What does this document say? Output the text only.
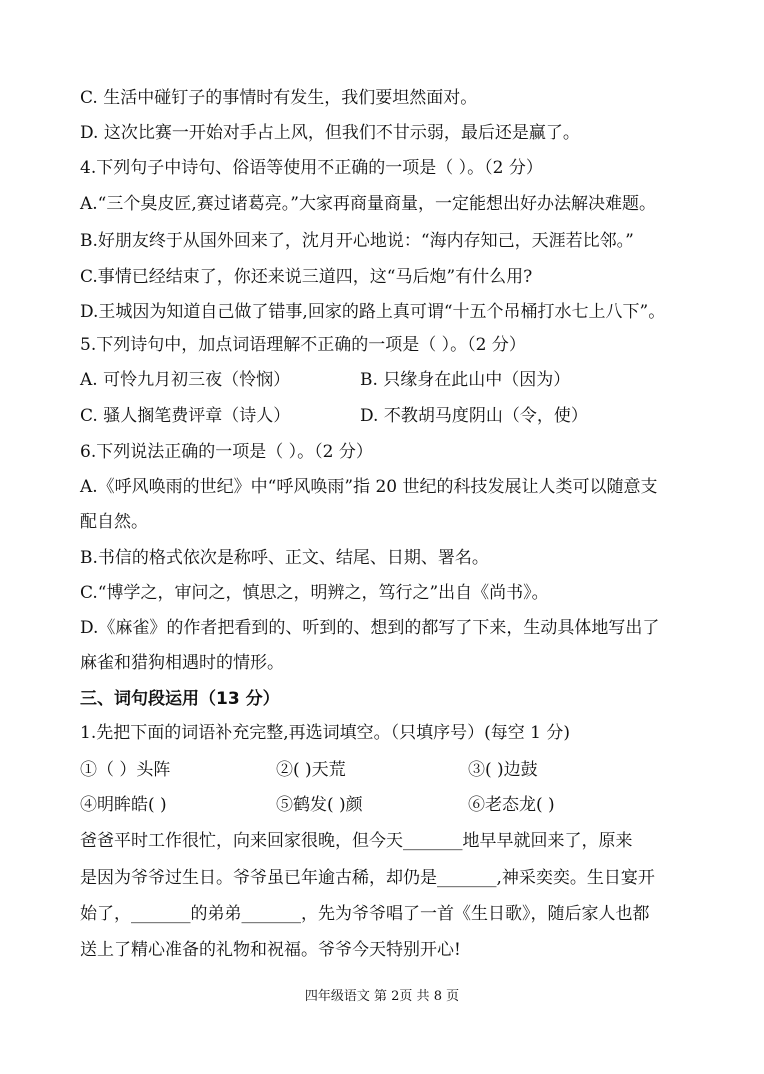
C. 生活中碰钉子的事情时有发生，我们要坦然面对。
D. 这次比赛一开始对手占上风，但我们不甘示弱，最后还是赢了。
4.下列句子中诗句、俗语等使用不正确的一项是（ ）。（2 分）
A.“三个臭皮匠,赛过诸葛亮。”大家再商量商量，一定能想出好办法解决难题。
B.好朋友终于从国外回来了，沈月开心地说：“海内存知己，天涯若比邻。”
C.事情已经结束了，你还来说三道四，这“马后炮”有什么用?
D.王城因为知道自己做了错事,回家的路上真可谓“十五个吊桶打水七上八下”。
5.下列诗句中，加点词语理解不正确的一项是（ ）。（2 分）
A. 可怜九月初三夜（怜悯）	B. 只缘身在此山中（因为）
C. 骚人搁笔费评章（诗人）	D. 不教胡马度阴山（令，使）
6.下列说法正确的一项是（ ）。（2 分）
A.《呼风唤雨的世纪》中“呼风唤雨”指 20 世纪的科技发展让人类可以随意支
配自然。
B.书信的格式依次是称呼、正文、结尾、日期、署名。
C.“博学之，审问之，慎思之，明辨之，笃行之”出自《尚书》。
D.《麻雀》的作者把看到的、听到的、想到的都写了下来，生动具体地写出了
麻雀和猎狗相遇时的情形。
三、词句段运用（13 分）
1.先把下面的词语补充完整,再选词填空。（只填序号）(每空 1 分)
①（ ）头阵	②( )天荒	③( )边鼓
④明眸皓( )	⑤鹤发( )颜	⑥老态龙( )
爸爸平时工作很忙，向来回家很晚，但今天_______地早早就回来了，原来
是因为爷爷过生日。爷爷虽已年逾古稀，却仍是_______,神采奕奕。生日宴开
始了，_______的弟弟_______，先为爷爷唱了一首《生日歌》，随后家人也都
送上了精心准备的礼物和祝福。爷爷今天特别开心!
四年级语文 第 2页 共 8 页
